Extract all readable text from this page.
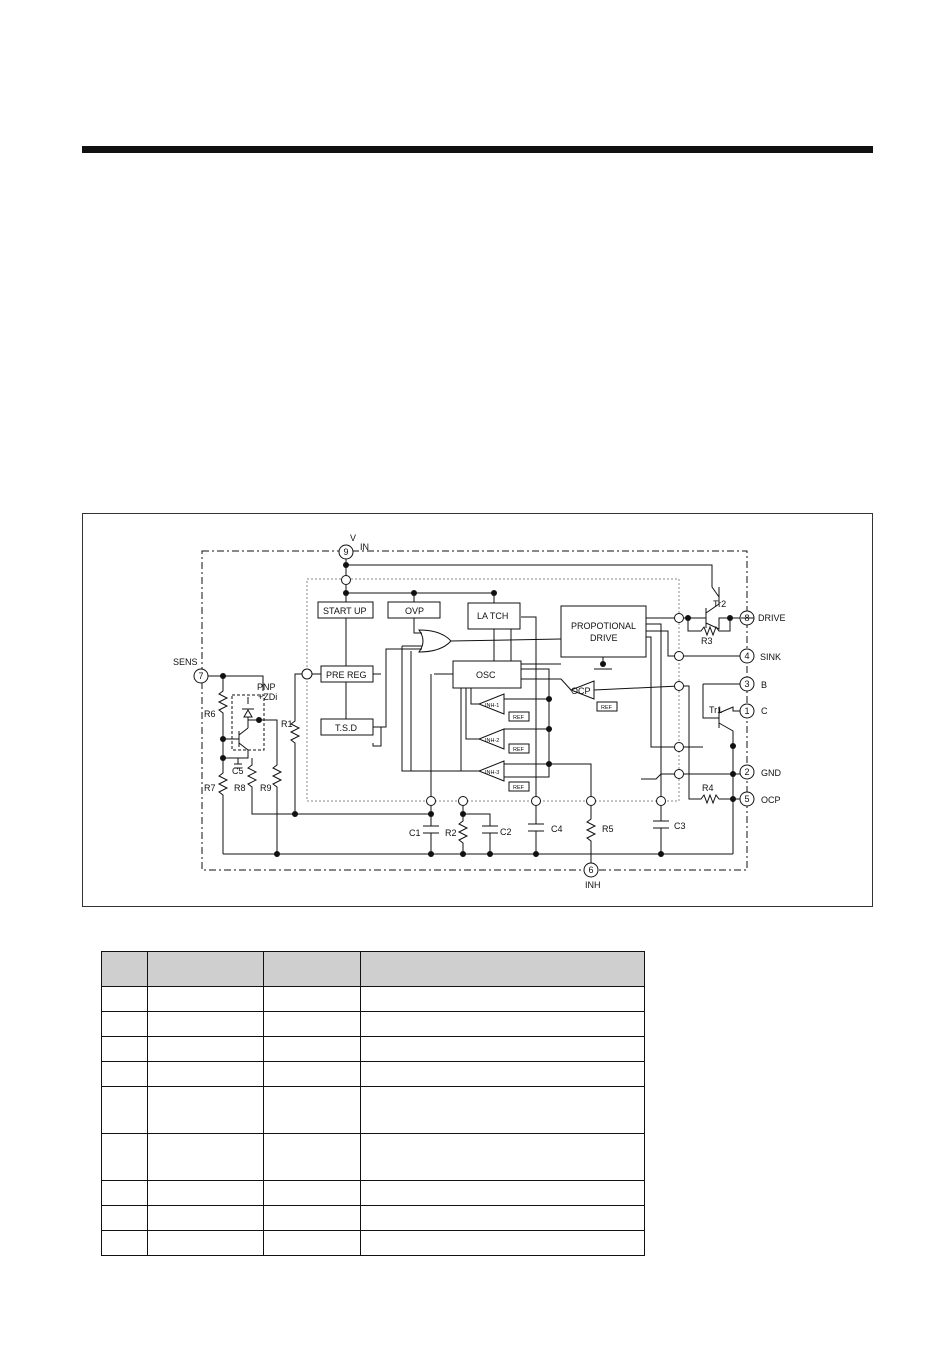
START UP	OVP	LA TCH
PROPOTIONAL
DRIVE
PRE REG
T.S.D
OSC
OCP
REF
INH-1
REF
INH-2
REF
INH-3
REF
Tr2
R3
R4
Tr1
C1	R2	C2	C4	R5	C3
R6
R7
PNP
+ZDi
C5
R8 R9
R1
9
V
IN
8 DRIVE
4 SINK
3 B
1 C
2 GND
5 OCP
6
INH
7
SENS
